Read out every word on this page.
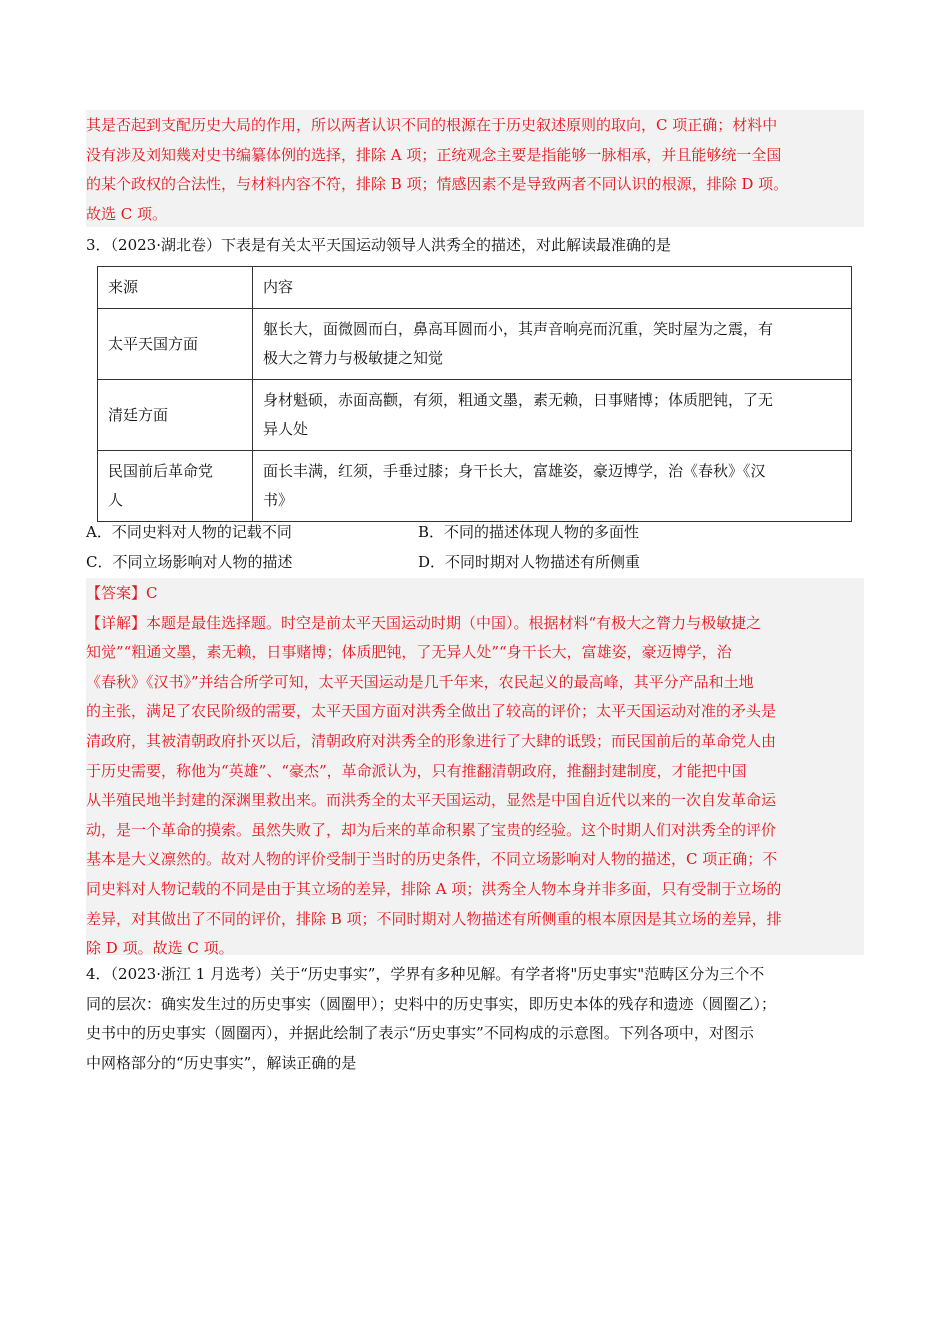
其是否起到支配历史大局的作用，所以两者认识不同的根源在于历史叙述原则的取向，C 项正确；材料中
没有涉及刘知幾对史书编纂体例的选择，排除 A 项；正统观念主要是指能够一脉相承，并且能够统一全国
的某个政权的合法性，与材料内容不符，排除 B 项；情感因素不是导致两者不同认识的根源，排除 D 项。
故选 C 项。
3．（2023·湖北卷）下表是有关太平天国运动领导人洪秀全的描述，对此解读最准确的是
来源	内容
太平天国方面	躯长大，面微圆而白，鼻高耳圆而小，其声音响亮而沉重，笑时屋为之震，有
极大之膂力与极敏捷之知觉

清廷方面	身材魁硕，赤面高颧，有须，粗通文墨，素无赖，日事赌博；体质肥钝，了无
异人处

民国前后革命党
人	面长丰满，红须，手垂过膝；身干长大，富雄姿，豪迈博学，治《春秋》《汉
书》
A．不同史料对人物的记载不同	B．不同的描述体现人物的多面性
C．不同立场影响对人物的描述	D．不同时期对人物描述有所侧重
【答案】C
【详解】本题是最佳选择题。时空是前太平天国运动时期（中国）。根据材料“有极大之膂力与极敏捷之
知觉”“粗通文墨，素无赖，日事赌博；体质肥钝，了无异人处”“身干长大，富雄姿，豪迈博学，治
《春秋》《汉书》”并结合所学可知，太平天国运动是几千年来，农民起义的最高峰，其平分产品和土地
的主张，满足了农民阶级的需要，太平天国方面对洪秀全做出了较高的评价；太平天国运动对准的矛头是
清政府，其被清朝政府扑灭以后，清朝政府对洪秀全的形象进行了大肆的诋毁；而民国前后的革命党人由
于历史需要，称他为“英雄”、“豪杰”，革命派认为，只有推翻清朝政府，推翻封建制度，才能把中国
从半殖民地半封建的深渊里救出来。而洪秀全的太平天国运动，显然是中国自近代以来的一次自发革命运
动，是一个革命的摸索。虽然失败了，却为后来的革命积累了宝贵的经验。这个时期人们对洪秀全的评价
基本是大义凛然的。故对人物的评价受制于当时的历史条件，不同立场影响对人物的描述，C 项正确；不
同史料对人物记载的不同是由于其立场的差异，排除 A 项；洪秀全人物本身并非多面，只有受制于立场的
差异，对其做出了不同的评价，排除 B 项；不同时期对人物描述有所侧重的根本原因是其立场的差异，排
除 D 项。故选 C 项。
4．（2023·浙江 1 月选考）关于“历史事实”，学界有多种见解。有学者将"历史事实"范畴区分为三个不
同的层次：确实发生过的历史事实（圆圈甲）；史料中的历史事实，即历史本体的残存和遗迹（圆圈乙）；
史书中的历史事实（圆圈丙），并据此绘制了表示“历史事实”不同构成的示意图。下列各项中，对图示
中网格部分的“历史事实”，解读正确的是
